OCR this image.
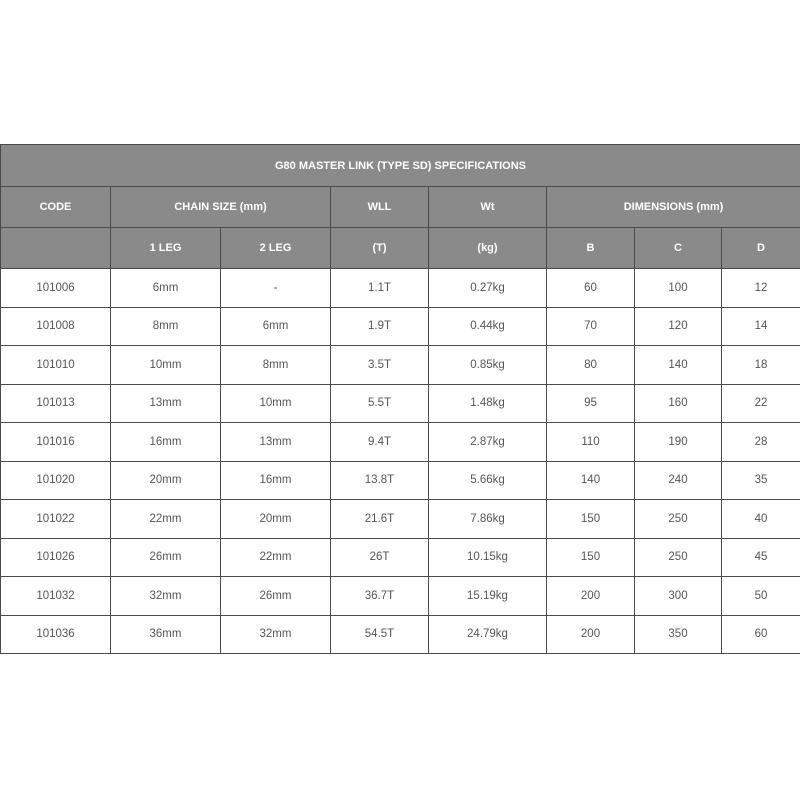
G80 MASTER LINK (TYPE SD) SPECIFICATIONS							
CODE	CHAIN SIZE (mm)		WLL	Wt	DIMENSIONS (mm)		
	1 LEG	2 LEG	(T)	(kg)	B	C	D
101006	6mm	-	1.1T	0.27kg	60	100	12
101008	8mm	6mm	1.9T	0.44kg	70	120	14
101010	10mm	8mm	3.5T	0.85kg	80	140	18
101013	13mm	10mm	5.5T	1.48kg	95	160	22
101016	16mm	13mm	9.4T	2.87kg	110	190	28
101020	20mm	16mm	13.8T	5.66kg	140	240	35
101022	22mm	20mm	21.6T	7.86kg	150	250	40
101026	26mm	22mm	26T	10.15kg	150	250	45
101032	32mm	26mm	36.7T	15.19kg	200	300	50
101036	36mm	32mm	54.5T	24.79kg	200	350	60
